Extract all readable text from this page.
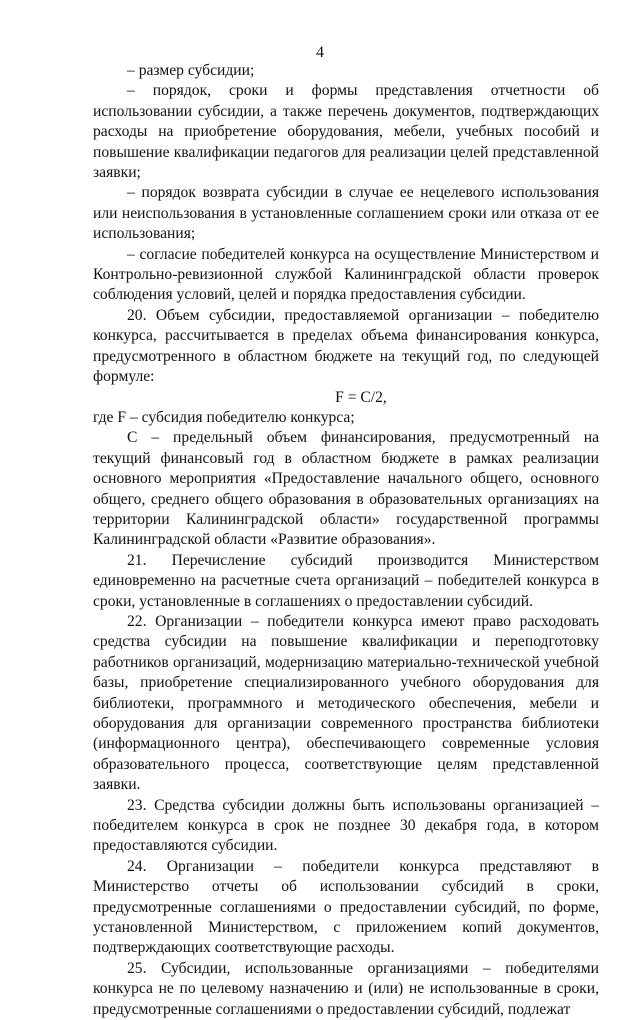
4

– размер субсидии;

– порядок, сроки и формы представления отчетности об использовании субсидии, а также перечень документов, подтверждающих расходы на приобретение оборудования, мебели, учебных пособий и повышение квалификации педагогов для реализации целей представленной заявки;

– порядок возврата субсидии в случае ее нецелевого использования или неиспользования в установленные соглашением сроки или отказа от ее использования;

– согласие победителей конкурса на осуществление Министерством и Контрольно-ревизионной службой Калининградской области проверок соблюдения условий, целей и порядка предоставления субсидии.

20. Объем субсидии, предоставляемой организации – победителю конкурса, рассчитывается в пределах объема финансирования конкурса, предусмотренного в областном бюджете на текущий год, по следующей формуле:

F = C/2,

где F – субсидия победителю конкурса;

С – предельный объем финансирования, предусмотренный на текущий финансовый год в областном бюджете в рамках реализации основного мероприятия «Предоставление начального общего, основного общего, среднего общего образования в образовательных организациях на территории Калининградской области» государственной программы Калининградской области «Развитие образования».

21. Перечисление субсидий производится Министерством единовременно на расчетные счета организаций – победителей конкурса в сроки, установленные в соглашениях о предоставлении субсидий.

22. Организации – победители конкурса имеют право расходовать средства субсидии на повышение квалификации и переподготовку работников организаций, модернизацию материально-технической учебной базы, приобретение специализированного учебного оборудования для библиотеки, программного и методического обеспечения, мебели и оборудования для организации современного пространства библиотеки (информационного центра), обеспечивающего современные условия образовательного процесса, соответствующие целям представленной заявки.

23. Средства субсидии должны быть использованы организацией – победителем конкурса в срок не позднее 30 декабря года, в котором предоставляются субсидии.

24. Организации – победители конкурса представляют в Министерство отчеты об использовании субсидий в сроки, предусмотренные соглашениями о предоставлении субсидий, по форме, установленной Министерством, с приложением копий документов, подтверждающих соответствующие расходы.

25. Субсидии, использованные организациями – победителями конкурса не по целевому назначению и (или) не использованные в сроки, предусмотренные соглашениями о предоставлении субсидий, подлежат
